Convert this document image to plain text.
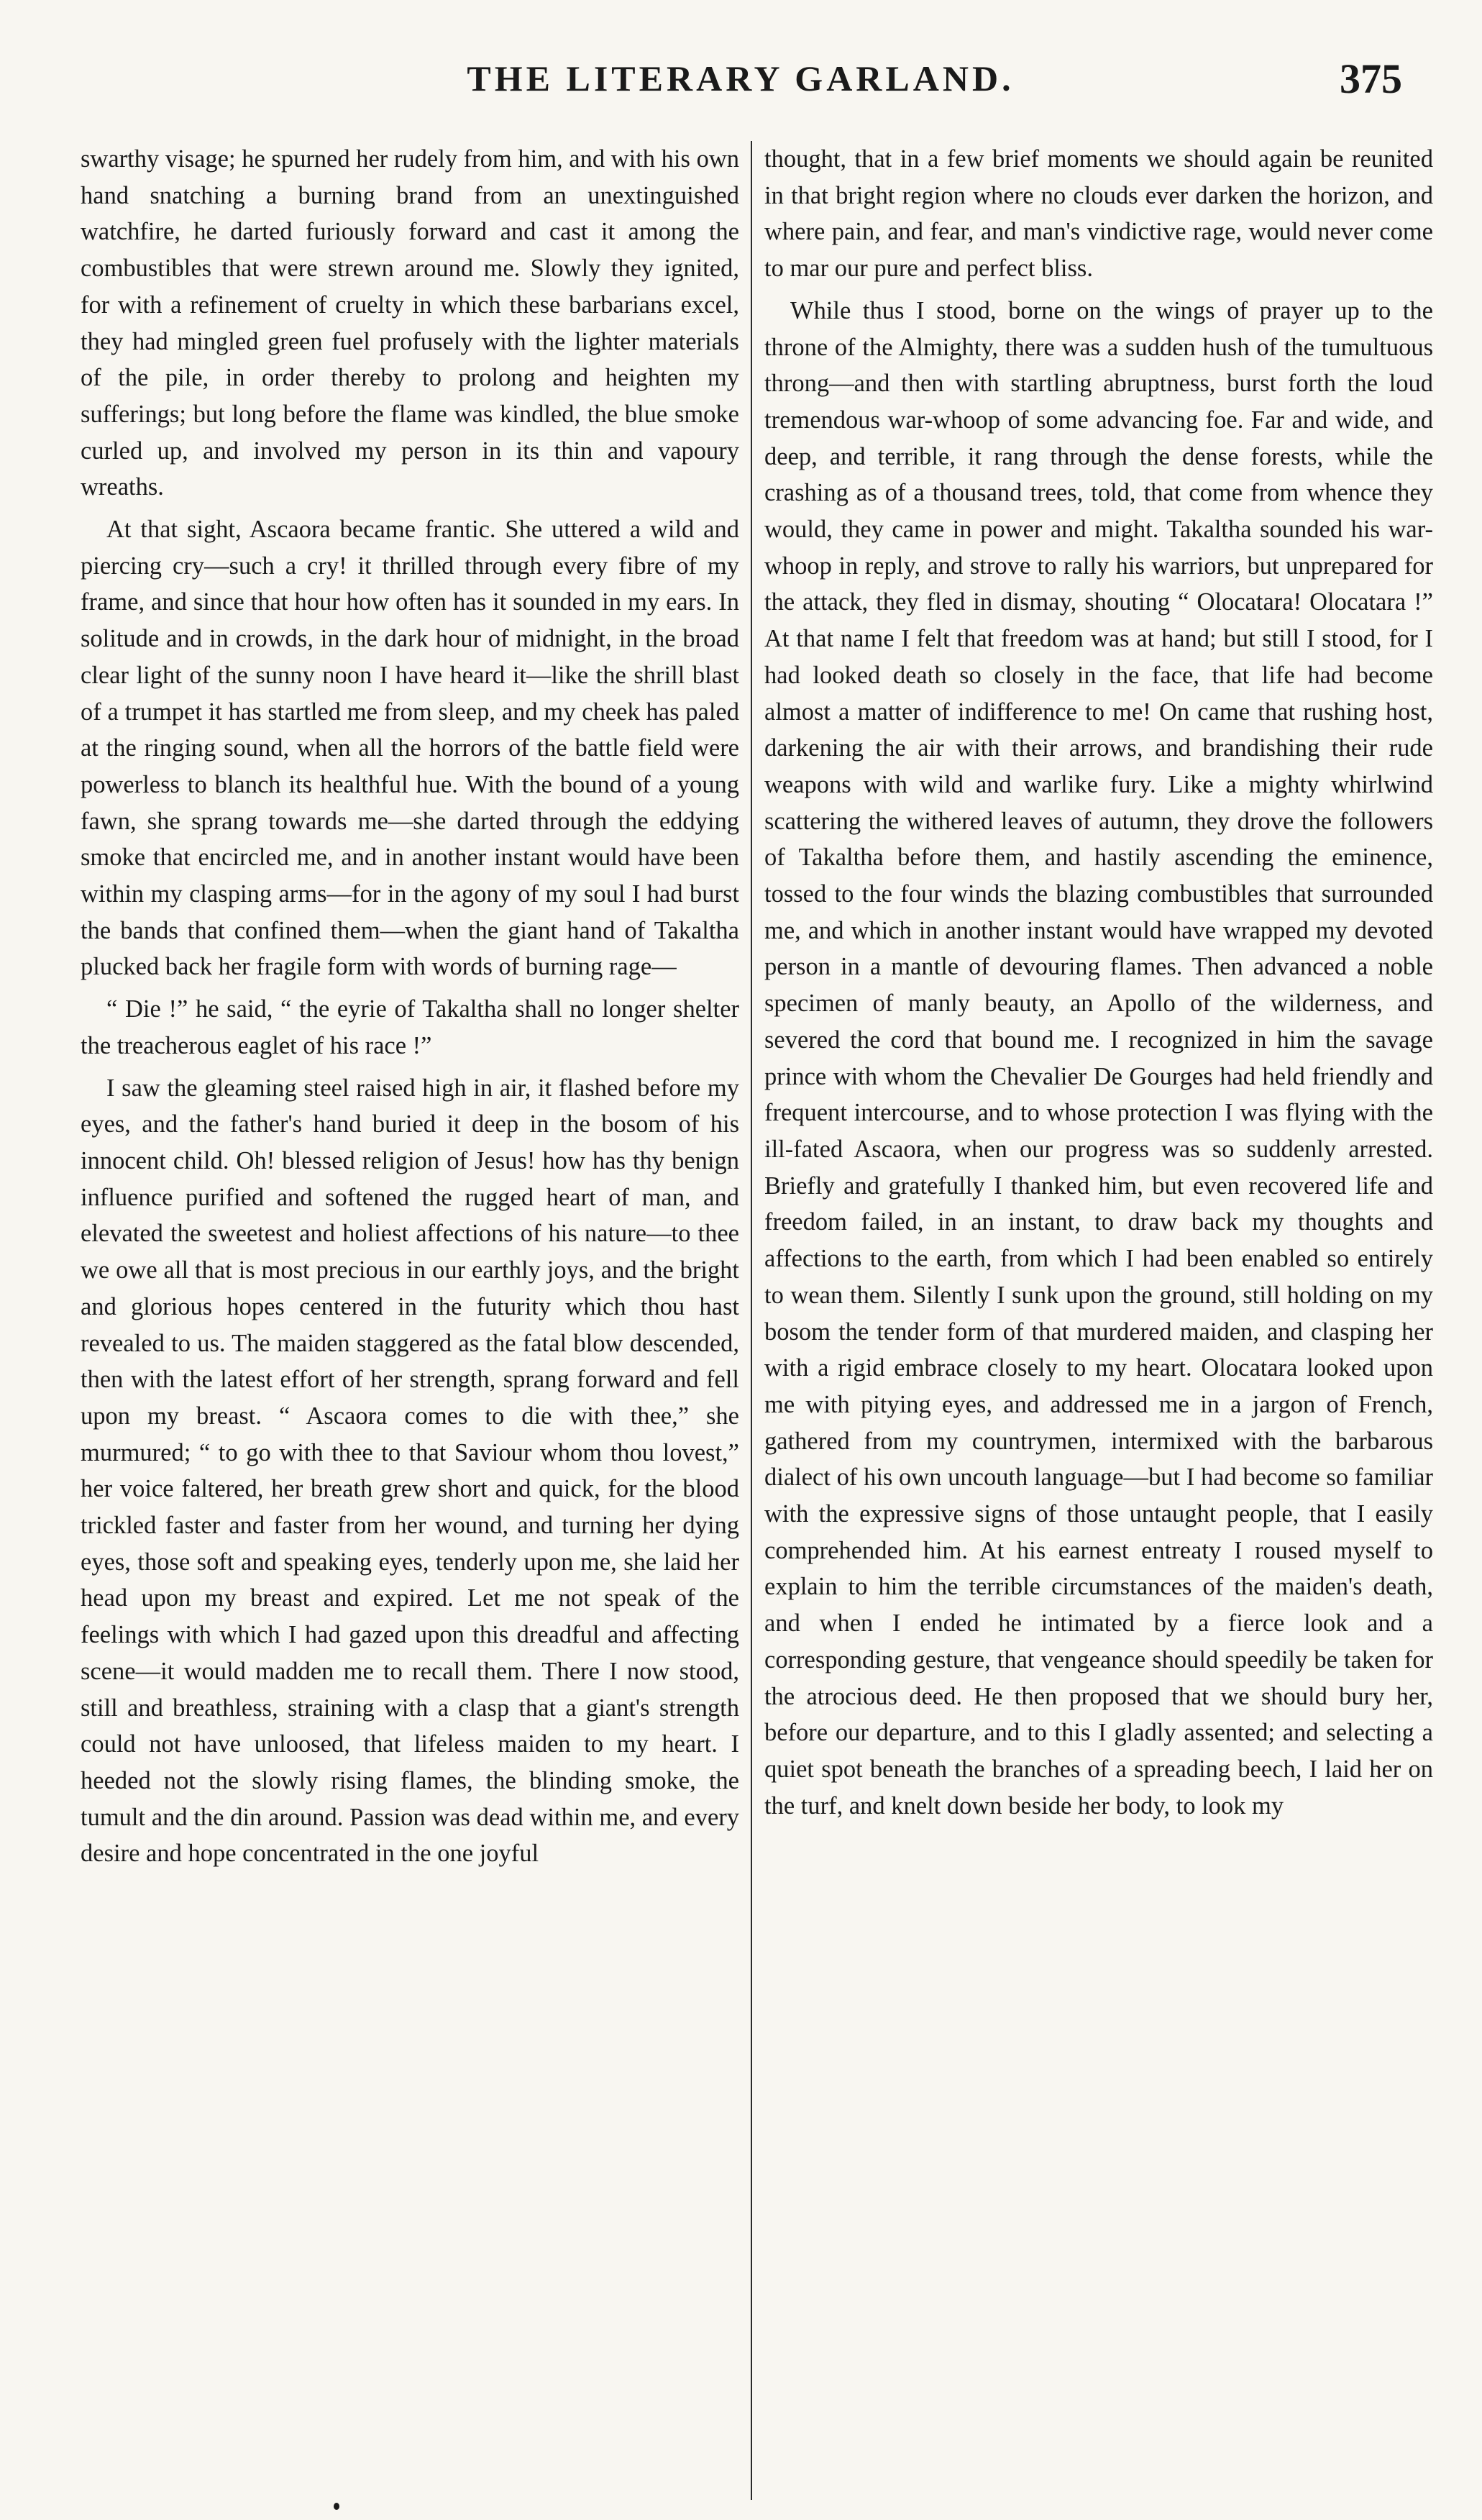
THE LITERARY GARLAND.	375

swarthy visage; he spurned her rudely from him, and with his own hand snatching a burning brand from an unextinguished watchfire, he darted furiously forward and cast it among the combustibles that were strewn around me. Slowly they ignited, for with a refinement of cruelty in which these barbarians excel, they had mingled green fuel profusely with the lighter materials of the pile, in order thereby to prolong and heighten my sufferings; but long before the flame was kindled, the blue smoke curled up, and involved my person in its thin and vapoury wreaths.

At that sight, Ascaora became frantic. She uttered a wild and piercing cry—such a cry! it thrilled through every fibre of my frame, and since that hour how often has it sounded in my ears. In solitude and in crowds, in the dark hour of midnight, in the broad clear light of the sunny noon I have heard it—like the shrill blast of a trumpet it has startled me from sleep, and my cheek has paled at the ringing sound, when all the horrors of the battle field were powerless to blanch its healthful hue. With the bound of a young fawn, she sprang towards me—she darted through the eddying smoke that encircled me, and in another instant would have been within my clasping arms—for in the agony of my soul I had burst the bands that confined them—when the giant hand of Takaltha plucked back her fragile form with words of burning rage—

“ Die !” he said, “ the eyrie of Takaltha shall no longer shelter the treacherous eaglet of his race !”

I saw the gleaming steel raised high in air, it flashed before my eyes, and the father's hand buried it deep in the bosom of his innocent child. Oh! blessed religion of Jesus! how has thy benign influence purified and softened the rugged heart of man, and elevated the sweetest and holiest affections of his nature—to thee we owe all that is most precious in our earthly joys, and the bright and glorious hopes centered in the futurity which thou hast revealed to us. The maiden staggered as the fatal blow descended, then with the latest effort of her strength, sprang forward and fell upon my breast. “ Ascaora comes to die with thee,” she murmured; “ to go with thee to that Saviour whom thou lovest,” her voice faltered, her breath grew short and quick, for the blood trickled faster and faster from her wound, and turning her dying eyes, those soft and speaking eyes, tenderly upon me, she laid her head upon my breast and expired. Let me not speak of the feelings with which I had gazed upon this dreadful and affecting scene—it would madden me to recall them. There I now stood, still and breathless, straining with a clasp that a giant's strength could not have unloosed, that lifeless maiden to my heart. I heeded not the slowly rising flames, the blinding smoke, the tumult and the din around. Passion was dead within me, and every desire and hope concentrated in the one joyful

thought, that in a few brief moments we should again be reunited in that bright region where no clouds ever darken the horizon, and where pain, and fear, and man's vindictive rage, would never come to mar our pure and perfect bliss.

While thus I stood, borne on the wings of prayer up to the throne of the Almighty, there was a sudden hush of the tumultuous throng—and then with startling abruptness, burst forth the loud tremendous war-whoop of some advancing foe. Far and wide, and deep, and terrible, it rang through the dense forests, while the crashing as of a thousand trees, told, that come from whence they would, they came in power and might. Takaltha sounded his war-whoop in reply, and strove to rally his warriors, but unprepared for the attack, they fled in dismay, shouting “ Olocatara! Olocatara !” At that name I felt that freedom was at hand; but still I stood, for I had looked death so closely in the face, that life had become almost a matter of indifference to me! On came that rushing host, darkening the air with their arrows, and brandishing their rude weapons with wild and warlike fury. Like a mighty whirlwind scattering the withered leaves of autumn, they drove the followers of Takaltha before them, and hastily ascending the eminence, tossed to the four winds the blazing combustibles that surrounded me, and which in another instant would have wrapped my devoted person in a mantle of devouring flames. Then advanced a noble specimen of manly beauty, an Apollo of the wilderness, and severed the cord that bound me. I recognized in him the savage prince with whom the Chevalier De Gourges had held friendly and frequent intercourse, and to whose protection I was flying with the ill-fated Ascaora, when our progress was so suddenly arrested. Briefly and gratefully I thanked him, but even recovered life and freedom failed, in an instant, to draw back my thoughts and affections to the earth, from which I had been enabled so entirely to wean them. Silently I sunk upon the ground, still holding on my bosom the tender form of that murdered maiden, and clasping her with a rigid embrace closely to my heart. Olocatara looked upon me with pitying eyes, and addressed me in a jargon of French, gathered from my countrymen, intermixed with the barbarous dialect of his own uncouth language—but I had become so familiar with the expressive signs of those untaught people, that I easily comprehended him. At his earnest entreaty I roused myself to explain to him the terrible circumstances of the maiden's death, and when I ended he intimated by a fierce look and a corresponding gesture, that vengeance should speedily be taken for the atrocious deed. He then proposed that we should bury her, before our departure, and to this I gladly assented; and selecting a quiet spot beneath the branches of a spreading beech, I laid her on the turf, and knelt down beside her body, to look my
